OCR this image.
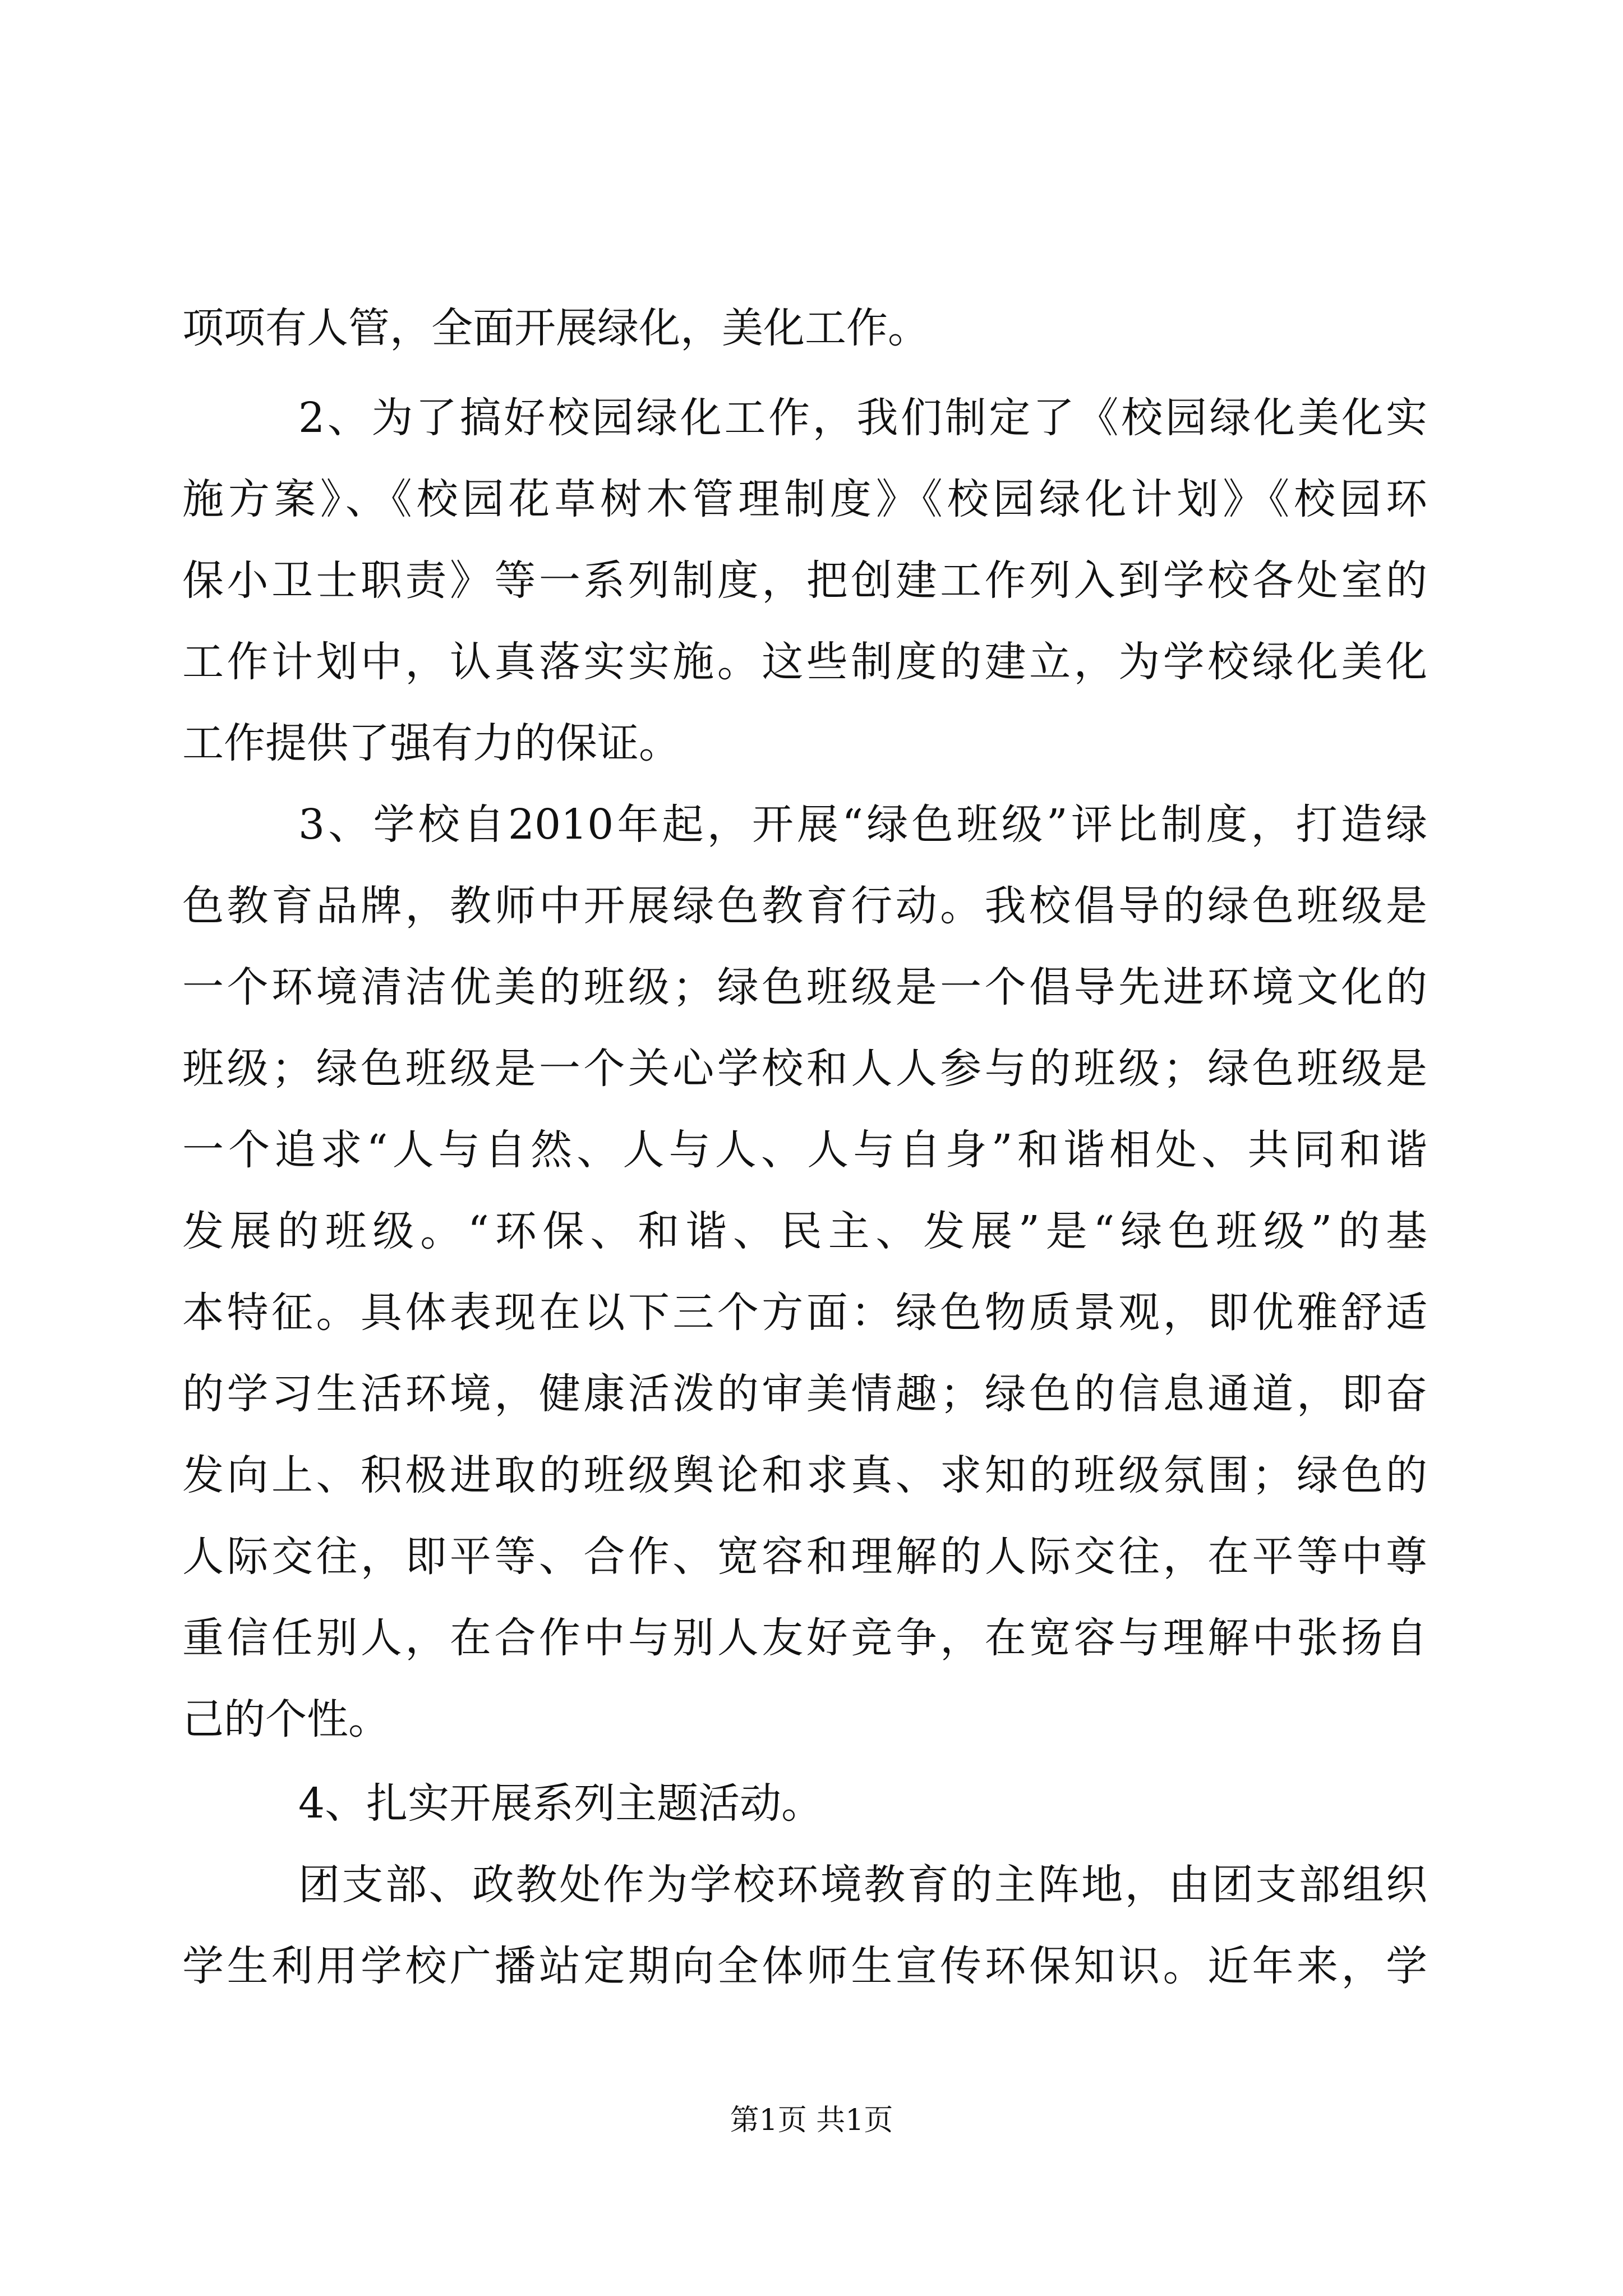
项项有人管，全面开展绿化，美化工作。
2、为了搞好校园绿化工作，我们制定了《校园绿化美化实
施方案》、《校园花草树木管理制度》《校园绿化计划》《校园环
保小卫士职责》等一系列制度，把创建工作列入到学校各处室的
工作计划中，认真落实实施。这些制度的建立，为学校绿化美化
工作提供了强有力的保证。
3、学校自2010年起，开展“绿色班级”评比制度，打造绿
色教育品牌，教师中开展绿色教育行动。我校倡导的绿色班级是
一个环境清洁优美的班级；绿色班级是一个倡导先进环境文化的
班级；绿色班级是一个关心学校和人人参与的班级；绿色班级是
一个追求“人与自然、人与人、人与自身”和谐相处、共同和谐
发展的班级。“环保、和谐、民主、发展”是“绿色班级”的基
本特征。具体表现在以下三个方面：绿色物质景观，即优雅舒适
的学习生活环境，健康活泼的审美情趣；绿色的信息通道，即奋
发向上、积极进取的班级舆论和求真、求知的班级氛围；绿色的
人际交往，即平等、合作、宽容和理解的人际交往，在平等中尊
重信任别人，在合作中与别人友好竞争，在宽容与理解中张扬自
己的个性。
4、扎实开展系列主题活动。
团支部、政教处作为学校环境教育的主阵地，由团支部组织
学生利用学校广播站定期向全体师生宣传环保知识。近年来，学
第1页 共1页
